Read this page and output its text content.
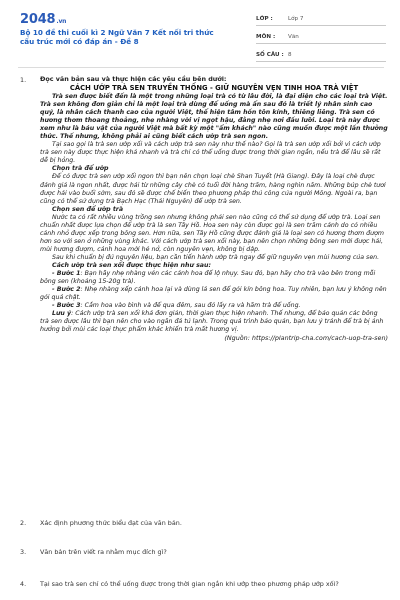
2048.vn
Bộ 10 đề thi cuối kì 2 Ngữ Văn 7 Kết nối tri thức cấu trúc mới có đáp án - Đề 8
LỚP :	Lớp 7
MÔN :	Văn
SỐ CÂU : 8
1. Đọc văn bản sau và thực hiện các yêu cầu bên dưới:
CÁCH ƯỚP TRÀ SEN TRUYỀN THỐNG - GIỮ NGUYÊN VẸN TINH HOA TRÀ VIỆT

Trà sen được biết đến là một trong những loại trà có từ lâu đời, là đại diện cho các loại trà Việt. Trà sen không đơn giản chỉ là một loại trà dùng để uống mà ẩn sau đó là triết lý nhân sinh cao quý, là nhân cách thanh cao của người Việt, thể hiện tâm hồn tôn kính, thiêng liêng. Trà sen có hương thơm thoang thoảng, nhẹ nhàng với vị ngọt hậu, đằng nhẹ nơi đầu lưỡi. Loại trà này được xem như là báu vật của người Việt mà bất kỳ một "ẩm khách" nào cũng muốn được một lần thưởng thức. Thế nhưng, không phải ai cũng biết cách ướp trà sen ngon.

Tại sao gọi là trà sen ướp xối và cách ướp trà sen này như thế nào? Gọi là trà sen ướp xối bởi vì cách ướp trà sen này được thực hiện khá nhanh và trà chỉ có thể uống được trong thời gian ngắn, nếu trà để lâu sẽ rất dễ bị hỏng.

Chọn trà để ướp

Để có được trà sen ướp xối ngon thì bạn nên chọn loại chè Shan Tuyết (Hà Giang). Đây là loại chè được đánh giá là ngon nhất, được hái từ những cây chè có tuổi đời hàng trăm, hàng nghìn năm. Những búp chè tươi được hái vào buổi sớm, sau đó sẽ được chế biến theo phương pháp thủ công của người Mông. Ngoài ra, bạn cũng có thể sử dụng trà Bạch Hạc (Thái Nguyên) để ướp trà sen.

Chọn sen để ướp trà

Nước ta có rất nhiều vùng trồng sen nhưng không phải sen nào cũng có thể sử dụng để ướp trà. Loại sen chuẩn nhất được lựa chọn để ướp trà là sen Tây Hồ. Hoa sen này còn được gọi là sen trăm cánh do có nhiều cánh nhỏ được xếp trong bông sen. Hơn nữa, sen Tây Hồ cũng được đánh giá là loại sen có hương thơm đượm hơn so với sen ở những vùng khác. Với cách ướp trà sen xối này, bạn nên chọn những bông sen mới được hái, mùi hương đượm, cánh hoa mới hé nở, còn nguyên vẹn, không bị dập.

Sau khi chuẩn bị đủ nguyên liệu, bạn cần tiến hành ướp trà ngay để giữ nguyên vẹn mùi hương của sen.

Cách ướp trà sen xối được thực hiện như sau:

- Bước 1: Bạn hãy nhẹ nhàng vén các cánh hoa để lộ nhụy. Sau đó, bạn hãy cho trà vào bên trong mỗi bông sen (khoảng 15-20g trà).

- Bước 2: Nhẹ nhàng xếp cánh hoa lại và dùng lá sen để gói kín bông hoa. Tuy nhiên, bạn lưu ý không nên gói quá chặt.

- Bước 3: Cắm hoa vào bình và để qua đêm, sau đó lấy ra và hãm trà để uống.

Lưu ý: Cách ướp trà sen xối khá đơn giản, thời gian thực hiện nhanh. Thế nhưng, để bảo quản các bông trà sen được lâu thì bạn nên cho vào ngăn đá tủ lạnh. Trong quá trình bảo quản, bạn lưu ý tránh để trà bị ảnh hưởng bởi mùi các loại thực phẩm khác khiến trà mất hương vị.

(Nguồn: https://plantrip-cha.com/cach-uop-tra-sen)
2. Xác định phương thức biểu đạt của văn bản.
3. Văn bản trên viết ra nhằm mục đích gì?
4. Tại sao trà sen chỉ có thể uống được trong thời gian ngắn khi ướp theo phương pháp ướp xối?
